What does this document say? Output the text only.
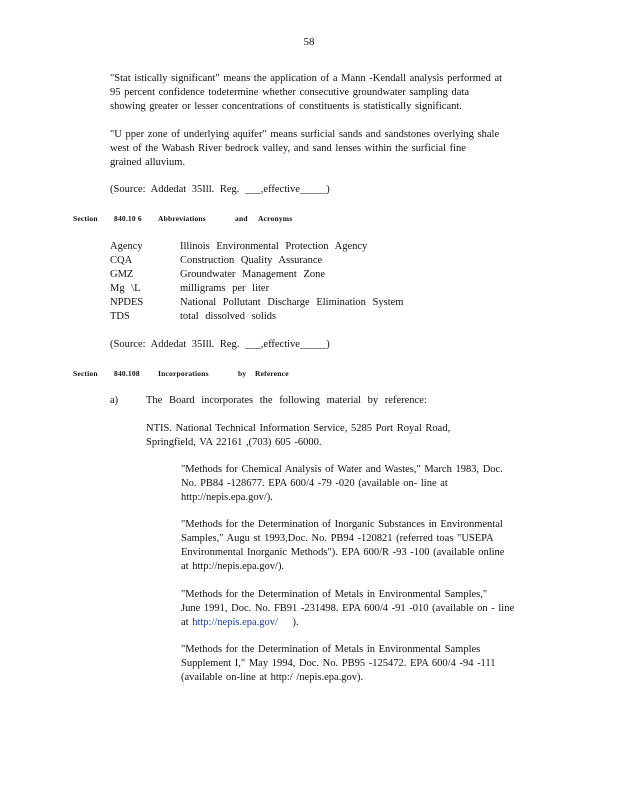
58
"Stat istically significant" means the application of a Mann -Kendall analysis performed at
95 percent confidence todetermine whether consecutive groundwater sampling data
showing greater or lesser concentrations of constituents is statistically significant.
"U pper zone of underlying aquifer" means surficial sands and sandstones overlying shale
west of the Wabash River bedrock valley, and sand lenses within the surficial fine
grained alluvium.
(Source: Addedat 35Ill. Reg. ___,effective_____)
Section 840.10 6 Abbreviations	and Acronyms
Agency	Illinois Environmental Protection Agency
CQA	Construction Quality Assurance
GMZ	Groundwater Management Zone
Mg \L	milligrams per liter
NPDES	National Pollutant Discharge Elimination System
TDS	total dissolved solids
(Source: Addedat 35Ill. Reg. ___,effective_____)
Section 840.108 Incorporations	by Reference
a)	The Board incorporates the following material by reference:
NTIS. National Technical Information Service, 5285 Port Royal Road,
Springfield, VA 22161 ,(703) 605 -6000.
"Methods for Chemical Analysis of Water and Wastes," March 1983, Doc.
No. PB84 -128677. EPA 600/4 -79 -020 (available on- line at
http://nepis.epa.gov/).
"Methods for the Determination of Inorganic Substances in Environmental
Samples," Augu st 1993,Doc. No. PB94 -120821 (referred toas "USEPA
Environmental Inorganic Methods"). EPA 600/R -93 -100 (available online
at http://nepis.epa.gov/).
"Methods for the Determination of Metals in Environmental Samples,"
June 1991, Doc. No. FB91 -231498. EPA 600/4 -91 -010 (available on - line
at http://nepis.epa.gov/    ).
"Methods for the Determination of Metals in Environmental Samples
Supplement I," May 1994, Doc. No. PB95 -125472. EPA 600/4 -94 -111
(available on-line at http:/ /nepis.epa.gov).
